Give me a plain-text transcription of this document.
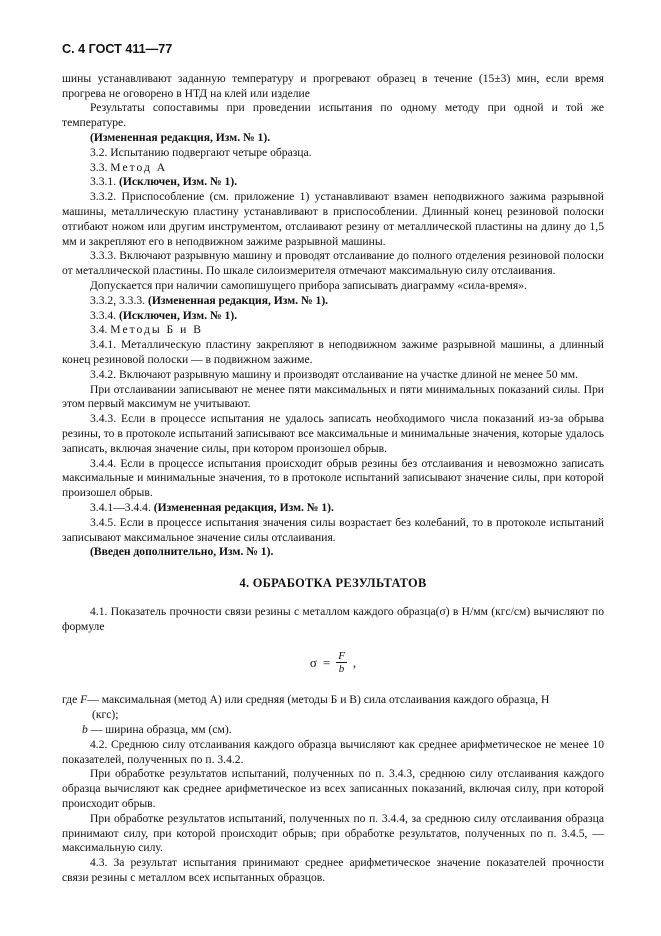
С. 4 ГОСТ 411—77

шины устанавливают заданную температуру и прогревают образец в течение (15±3) мин, если время прогрева не оговорено в НТД на клей или изделие

Результаты сопоставимы при проведении испытания по одному методу при одной и той же температуре.

(Измененная редакция, Изм. № 1).

3.2. Испытанию подвергают четыре образца.

3.3. Метод А

3.3.1. (Исключен, Изм. № 1).

3.3.2. Приспособление (см. приложение 1) устанавливают взамен неподвижного зажима разрывной машины, металлическую пластину устанавливают в приспособлении. Длинный конец резиновой полоски отгибают ножом или другим инструментом, отслаивают резину от металлической пластины на длину до 1,5 мм и закрепляют его в неподвижном зажиме разрывной машины.

3.3.3. Включают разрывную машину и проводят отслаивание до полного отделения резиновой полоски от металлической пластины. По шкале силоизмерителя отмечают максимальную силу отслаивания.

Допускается при наличии самопишущего прибора записывать диаграмму «сила-время».

3.3.2, 3.3.3. (Измененная редакция, Изм. № 1).

3.3.4. (Исключен, Изм. № 1).

3.4. Методы Б и В

3.4.1. Металлическую пластину закрепляют в неподвижном зажиме разрывной машины, а длинный конец резиновой полоски — в подвижном зажиме.

3.4.2. Включают разрывную машину и производят отслаивание на участке длиной не менее 50 мм.

При отслаивании записывают не менее пяти максимальных и пяти минимальных показаний силы. При этом первый максимум не учитывают.

3.4.3. Если в процессе испытания не удалось записать необходимого числа показаний из-за обрыва резины, то в протоколе испытаний записывают все максимальные и минимальные значения, которые удалось записать, включая значение силы, при котором произошел обрыв.

3.4.4. Если в процессе испытания происходит обрыв резины без отслаивания и невозможно записать максимальные и минимальные значения, то в протоколе испытаний записывают значение силы, при которой произошел обрыв.

3.4.1—3.4.4. (Измененная редакция, Изм. № 1).

3.4.5. Если в процессе испытания значения силы возрастает без колебаний, то в протоколе испытаний записывают максимальное значение силы отслаивания.

(Введен дополнительно, Изм. № 1).

4. ОБРАБОТКА РЕЗУЛЬТАТОВ

4.1. Показатель прочности связи резины с металлом каждого образца(σ) в Н/мм (кгс/см) вычисляют по формуле

$\sigma = \frac{F}{b}$ ,

где F— максимальная (метод А) или средняя (методы Б и В) сила отслаивания каждого образца, Н

(кгс);

b — ширина образца, мм (см).

4.2. Среднюю силу отслаивания каждого образца вычисляют как среднее арифметическое не менее 10 показателей, полученных по п. 3.4.2.

При обработке результатов испытаний, полученных по п. 3.4.3, среднюю силу отслаивания каждого образца вычисляют как среднее арифметическое из всех записанных показаний, включая силу, при которой происходит обрыв.

При обработке результатов испытаний, полученных по п. 3.4.4, за среднюю силу отслаивания образца принимают силу, при которой происходит обрыв; при обработке результатов, полученных по п. 3.4.5, — максимальную силу.

4.3. За результат испытания принимают среднее арифметическое значение показателей прочности связи резины с металлом всех испытанных образцов.
